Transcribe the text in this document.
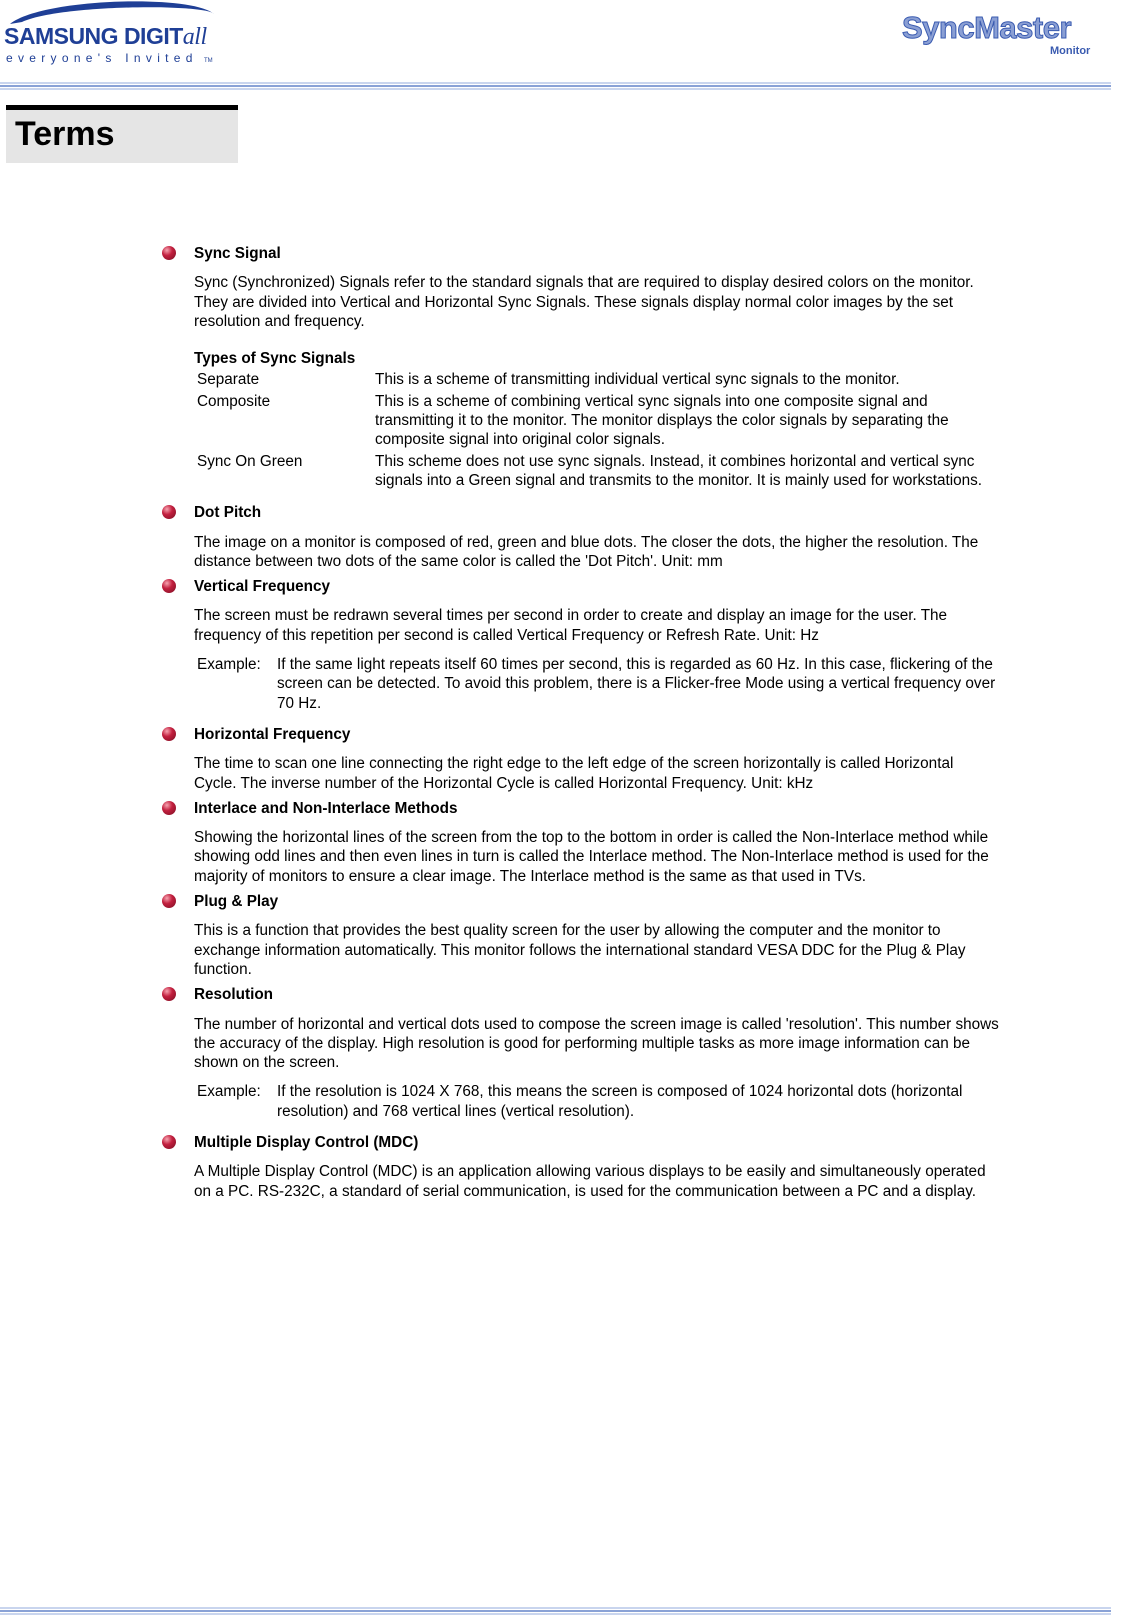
SAMSUNG DIGITall
everyone's Invited TM
SyncMaster
Monitor
Terms
Sync Signal

Sync (Synchronized) Signals refer to the standard signals that are required to display desired colors on the monitor. They are divided into Vertical and Horizontal Sync Signals. These signals display normal color images by the set resolution and frequency.

Types of Sync Signals
Separate	This is a scheme of transmitting individual vertical sync signals to the monitor.
Composite	This is a scheme of combining vertical sync signals into one composite signal and transmitting it to the monitor. The monitor displays the color signals by separating the composite signal into original color signals.
Sync On Green	This scheme does not use sync signals. Instead, it combines horizontal and vertical sync signals into a Green signal and transmits to the monitor. It is mainly used for workstations.
Dot Pitch

The image on a monitor is composed of red, green and blue dots. The closer the dots, the higher the resolution. The distance between two dots of the same color is called the 'Dot Pitch'. Unit: mm

Vertical Frequency

The screen must be redrawn several times per second in order to create and display an image for the user. The frequency of this repetition per second is called Vertical Frequency or Refresh Rate. Unit: Hz

Example: If the same light repeats itself 60 times per second, this is regarded as 60 Hz. In this case, flickering of the screen can be detected. To avoid this problem, there is a Flicker-free Mode using a vertical frequency over 70 Hz.
Horizontal Frequency

The time to scan one line connecting the right edge to the left edge of the screen horizontally is called Horizontal Cycle. The inverse number of the Horizontal Cycle is called Horizontal Frequency. Unit: kHz

Interlace and Non-Interlace Methods

Showing the horizontal lines of the screen from the top to the bottom in order is called the Non-Interlace method while showing odd lines and then even lines in turn is called the Interlace method. The Non-Interlace method is used for the majority of monitors to ensure a clear image. The Interlace method is the same as that used in TVs.

Plug & Play

This is a function that provides the best quality screen for the user by allowing the computer and the monitor to exchange information automatically. This monitor follows the international standard VESA DDC for the Plug & Play function.

Resolution

The number of horizontal and vertical dots used to compose the screen image is called 'resolution'. This number shows the accuracy of the display. High resolution is good for performing multiple tasks as more image information can be shown on the screen.

Example: If the resolution is 1024 X 768, this means the screen is composed of 1024 horizontal dots (horizontal resolution) and 768 vertical lines (vertical resolution).
Multiple Display Control (MDC)

A Multiple Display Control (MDC) is an application allowing various displays to be easily and simultaneously operated on a PC. RS-232C, a standard of serial communication, is used for the communication between a PC and a display.
